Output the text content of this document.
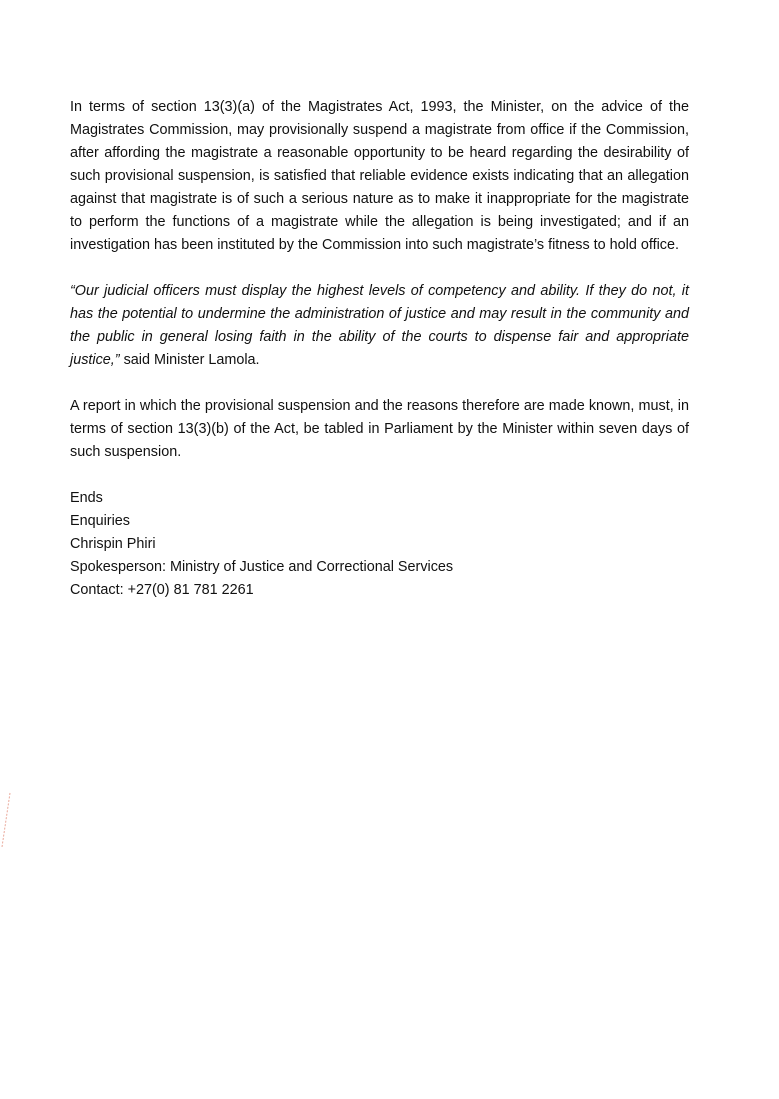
In terms of section 13(3)(a) of the Magistrates Act, 1993, the Minister, on the advice of the Magistrates Commission, may provisionally suspend a magistrate from office if the Commission, after affording the magistrate a reasonable opportunity to be heard regarding the desirability of such provisional suspension, is satisfied that reliable evidence exists indicating that an allegation against that magistrate is of such a serious nature as to make it inappropriate for the magistrate to perform the functions of a magistrate while the allegation is being investigated; and if an investigation has been instituted by the Commission into such magistrate’s fitness to hold office.

“Our judicial officers must display the highest levels of competency and ability. If they do not, it has the potential to undermine the administration of justice and may result in the community and the public in general losing faith in the ability of the courts to dispense fair and appropriate justice,” said Minister Lamola.

A report in which the provisional suspension and the reasons therefore are made known, must, in terms of section 13(3)(b) of the Act, be tabled in Parliament by the Minister within seven days of such suspension.

Ends
Enquiries
Chrispin Phiri
Spokesperson: Ministry of Justice and Correctional Services
Contact: +27(0) 81 781 2261
